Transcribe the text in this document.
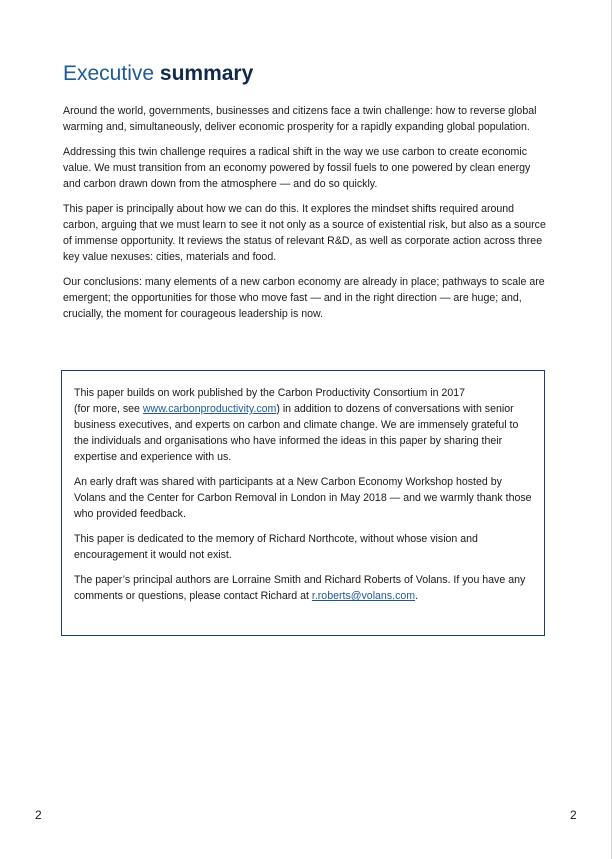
Executive summary

Around the world, governments, businesses and citizens face a twin challenge: how to reverse global warming and, simultaneously, deliver economic prosperity for a rapidly expanding global population.

Addressing this twin challenge requires a radical shift in the way we use carbon to create economic value. We must transition from an economy powered by fossil fuels to one powered by clean energy and carbon drawn down from the atmosphere — and do so quickly.

This paper is principally about how we can do this. It explores the mindset shifts required around carbon, arguing that we must learn to see it not only as a source of existential risk, but also as a source of immense opportunity. It reviews the status of relevant R&D, as well as corporate action across three key value nexuses: cities, materials and food.

Our conclusions: many elements of a new carbon economy are already in place; pathways to scale are emergent; the opportunities for those who move fast — and in the right direction — are huge; and, crucially, the moment for courageous leadership is now.

This paper builds on work published by the Carbon Productivity Consortium in 2017
(for more, see www.carbonproductivity.com) in addition to dozens of conversations with senior business executives, and experts on carbon and climate change. We are immensely grateful to the individuals and organisations who have informed the ideas in this paper by sharing their expertise and experience with us.

An early draft was shared with participants at a New Carbon Economy Workshop hosted by Volans and the Center for Carbon Removal in London in May 2018 — and we warmly thank those who provided feedback.

This paper is dedicated to the memory of Richard Northcote, without whose vision and encouragement it would not exist.

The paper’s principal authors are Lorraine Smith and Richard Roberts of Volans. If you have any comments or questions, please contact Richard at r.roberts@volans.com.

2	2
